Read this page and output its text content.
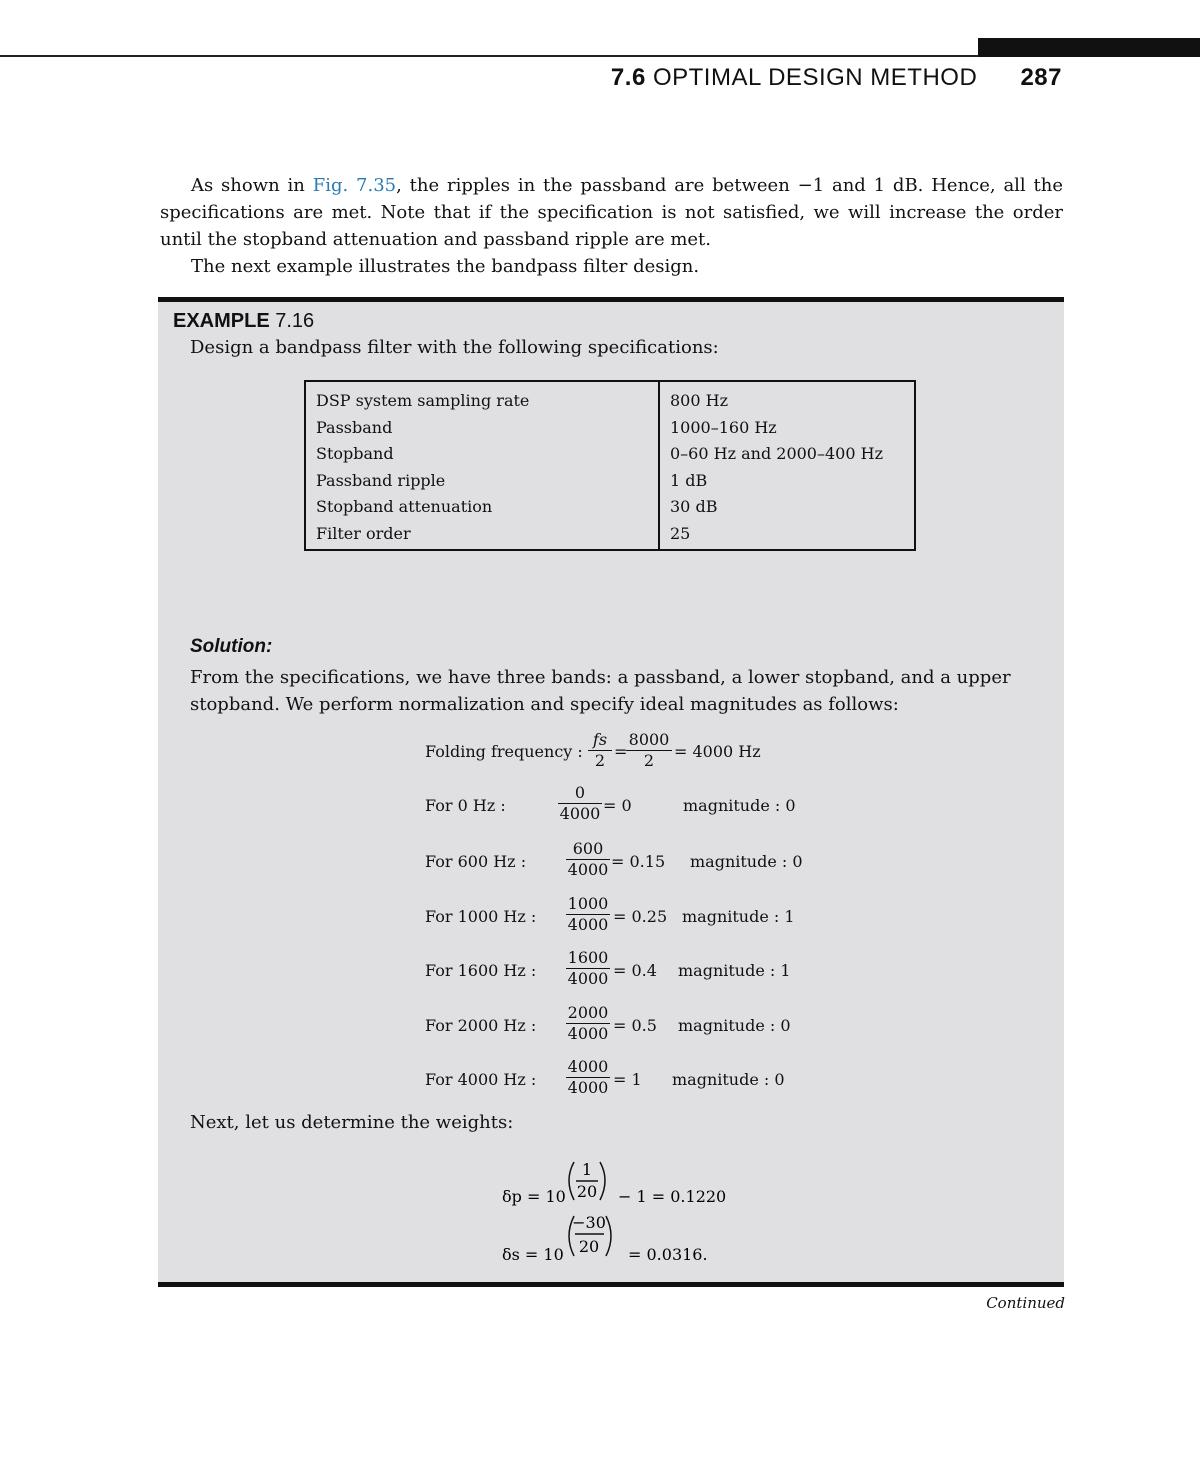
7.6 OPTIMAL DESIGN METHOD 287

As shown in Fig. 7.35, the ripples in the passband are between −1 and 1 dB. Hence, all the specifications are met. Note that if the specification is not satisfied, we will increase the order until the stopband attenuation and passband ripple are met.

The next example illustrates the bandpass filter design.

EXAMPLE 7.16
Design a bandpass filter with the following specifications:
DSP system sampling rate
Passband
Stopband
Passband ripple
Stopband attenuation
Filter order
800 Hz
1000–160 Hz
0–60 Hz and 2000–400 Hz
1 dB
30 dB
25
Solution:
From the specifications, we have three bands: a passband, a lower stopband, and a upper stopband. We perform normalization and specify ideal magnitudes as follows:
Folding frequency :
fs
2 =
8000
2	= 4000 Hz
For 0 Hz :
0
4000 = 0	magnitude : 0
For 600 Hz :
600
4000 = 0.15 magnitude : 0
For 1000 Hz :
1000
4000 = 0.25 magnitude : 1
For 1600 Hz :
1600
4000 = 0.4 magnitude : 1
For 2000 Hz :
2000
4000 = 0.5 magnitude : 0
For 4000 Hz :
4000
4000 = 1 magnitude : 0
Next, let us determine the weights:
δp = 10
1
20 − 1 = 0.1220
δs = 10
−30
20 = 0.0316.
Continued
